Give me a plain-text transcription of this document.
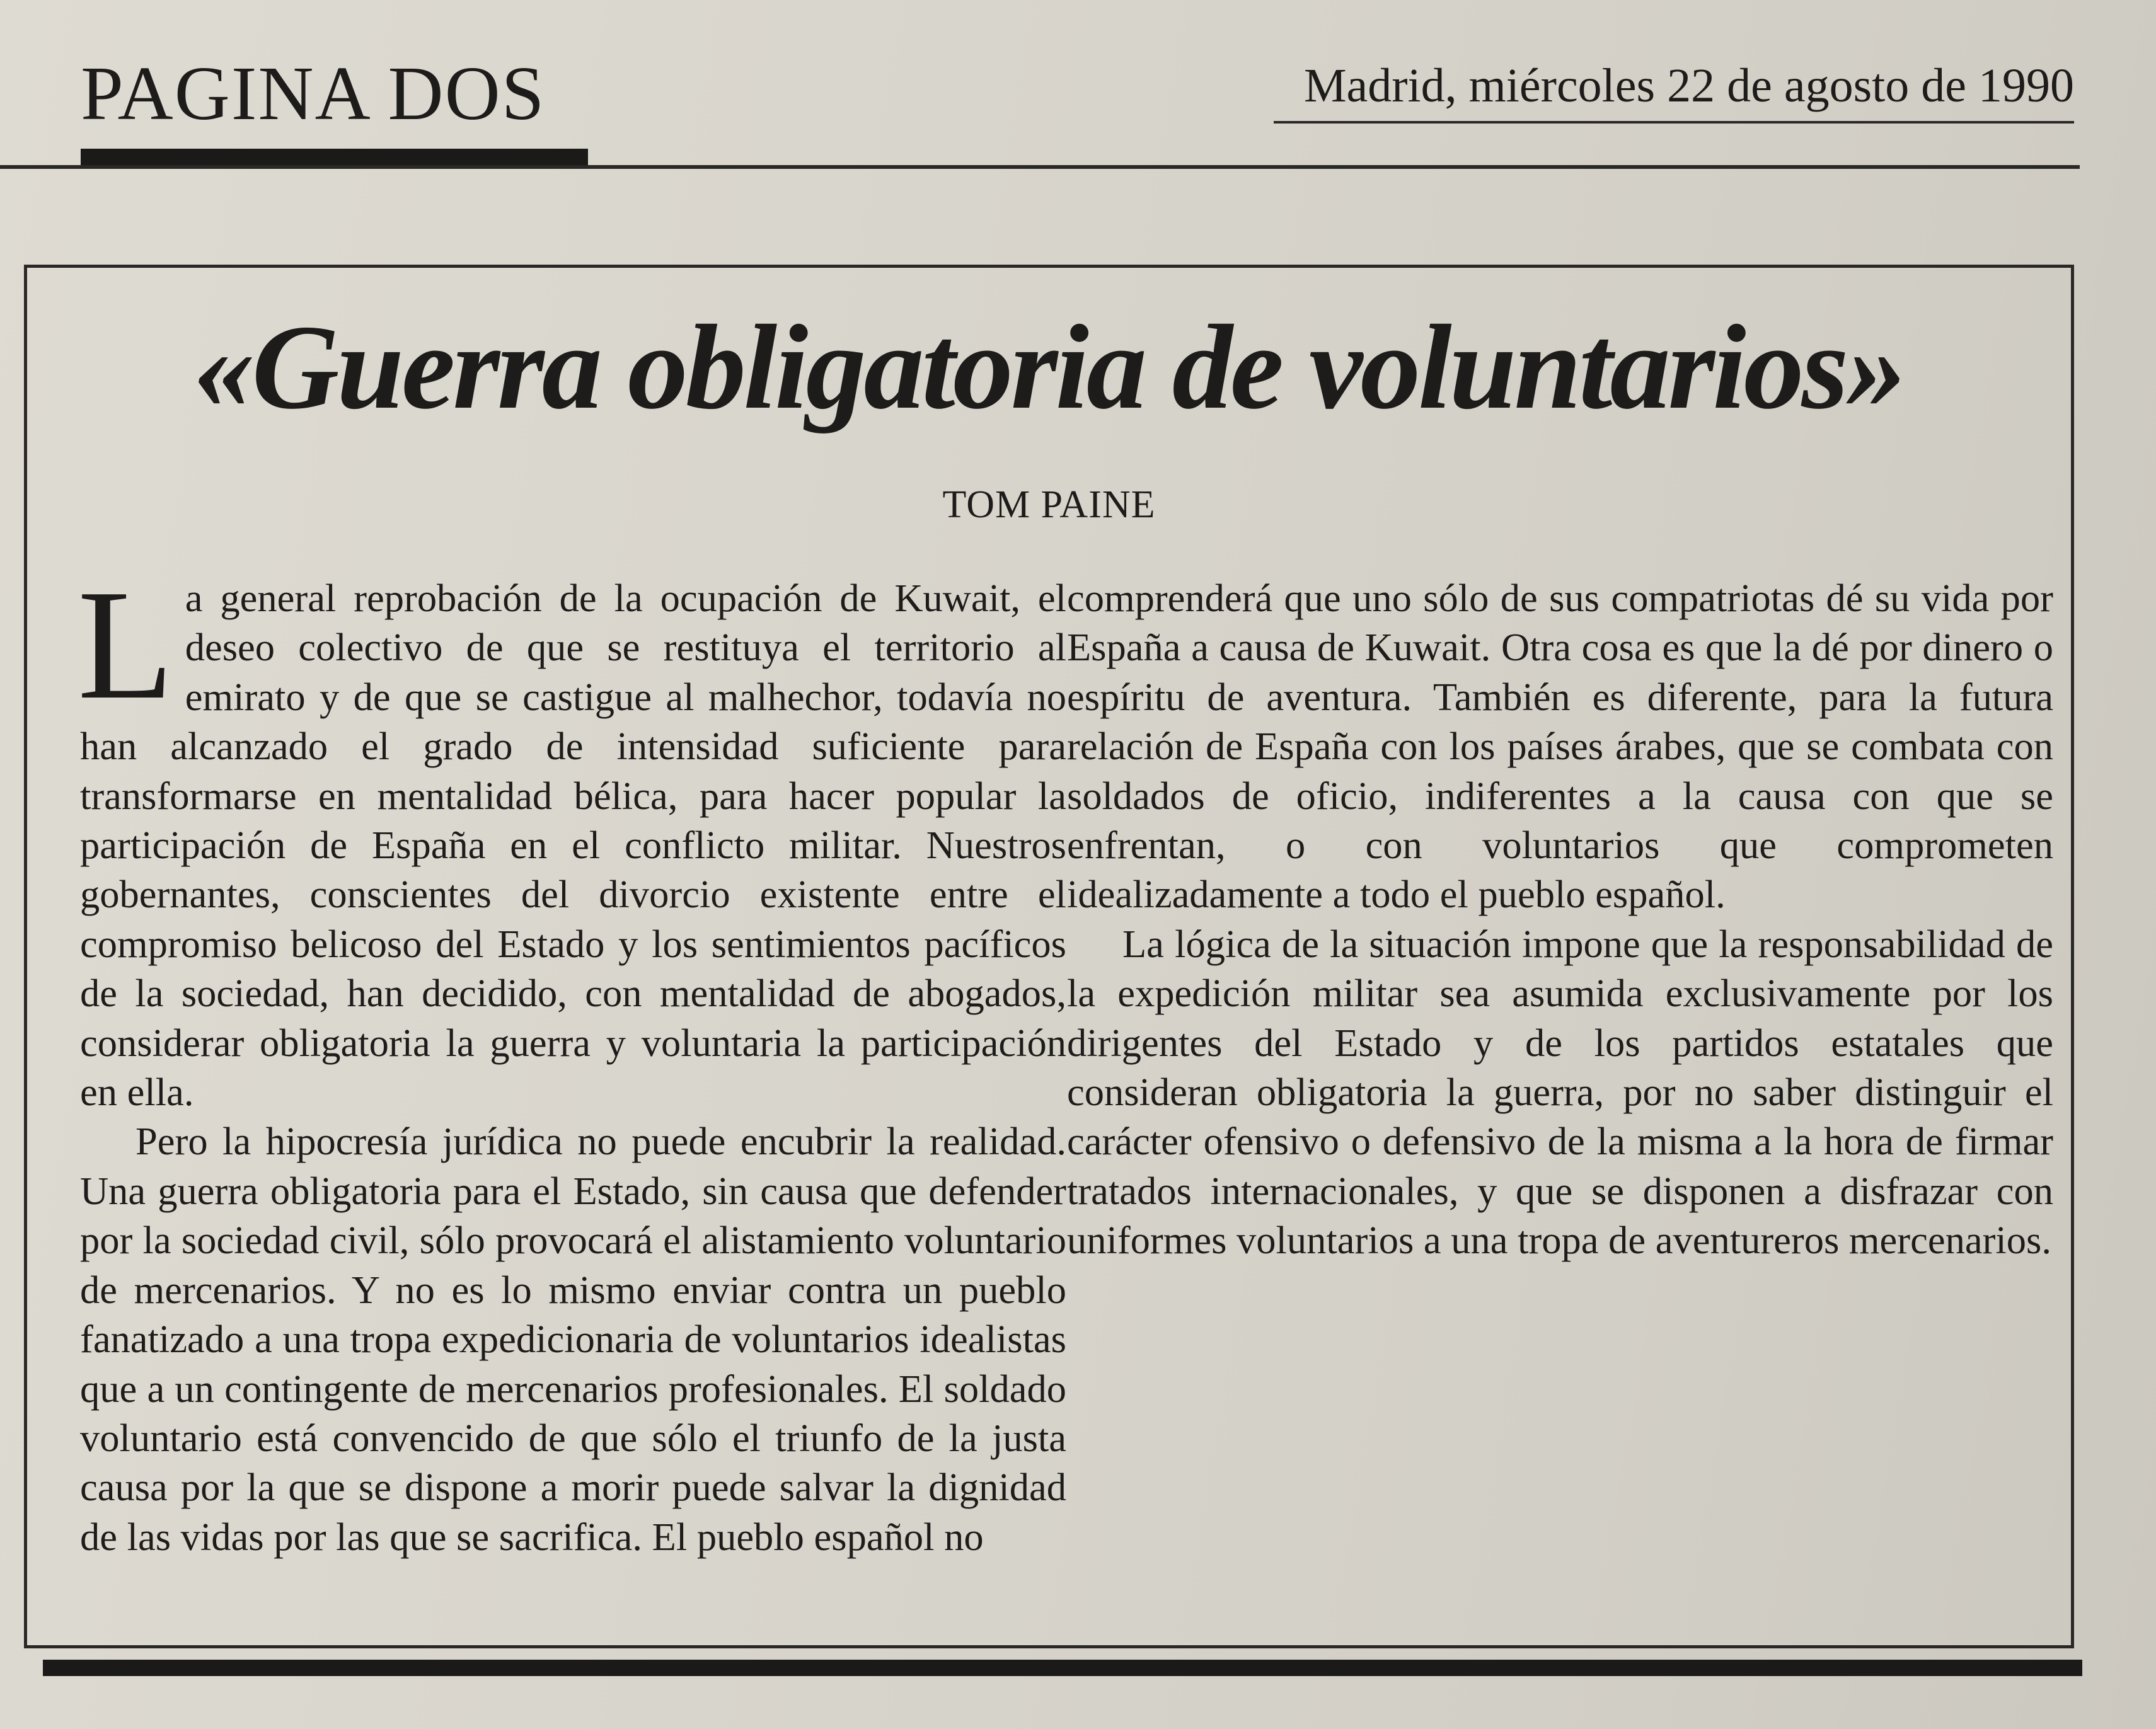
PAGINA DOS	Madrid, miércoles 22 de agosto de 1990
«Guerra obligatoria de voluntarios»
TOM PAINE

La general reprobación de la ocupación de Kuwait, el deseo colectivo de que se restituya el territorio al emirato y de que se castigue al malhechor, todavía no han alcanzado el grado de intensidad suficiente para transformarse en mentalidad bélica, para hacer popular la participación de España en el conflicto militar. Nuestros gobernantes, conscientes del divorcio existente entre el compromiso belicoso del Estado y los sentimientos pacíficos de la sociedad, han decidido, con mentalidad de abogados, considerar obligatoria la guerra y voluntaria la participación en ella.

Pero la hipocresía jurídica no puede encubrir la realidad. Una guerra obligatoria para el Estado, sin causa que defender por la sociedad civil, sólo provocará el alistamiento voluntario de mercenarios. Y no es lo mismo enviar contra un pueblo fanatizado a una tropa expedicionaria de voluntarios idealistas que a un contingente de mercenarios profesionales. El soldado voluntario está convencido de que sólo el triunfo de la justa causa por la que se dispone a morir puede salvar la dignidad de las vidas por las que se sacrifica. El pueblo español no

comprenderá que uno sólo de sus compatriotas dé su vida por España a causa de Kuwait. Otra cosa es que la dé por dinero o espíritu de aventura. También es diferente, para la futura relación de España con los países árabes, que se combata con soldados de oficio, indiferentes a la causa con que se enfrentan, o con voluntarios que comprometen idealizadamente a todo el pueblo español.

La lógica de la situación impone que la responsabilidad de la expedición militar sea asumida exclusivamente por los dirigentes del Estado y de los partidos estatales que consideran obligatoria la guerra, por no saber distinguir el carácter ofensivo o defensivo de la misma a la hora de firmar tratados internacionales, y que se disponen a disfrazar con uniformes voluntarios a una tropa de aventureros mercenarios.
